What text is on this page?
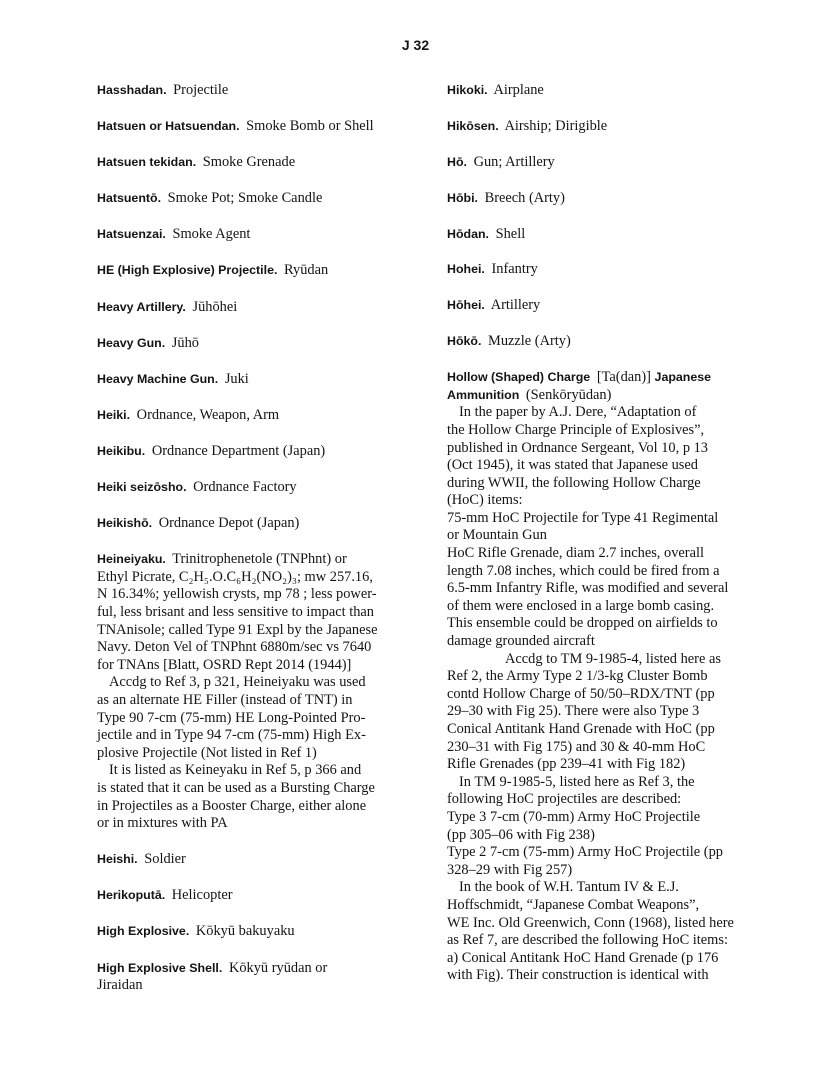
J 32
Hasshadan. Projectile
Hatsuen or Hatsuendan. Smoke Bomb or Shell
Hatsuen tekidan. Smoke Grenade
Hatsuentō. Smoke Pot; Smoke Candle
Hatsuenzai. Smoke Agent
HE (High Explosive) Projectile. Ryūdan
Heavy Artillery. Jūhōhei
Heavy Gun. Jūhō
Heavy Machine Gun. Juki
Heiki. Ordnance, Weapon, Arm
Heikibu. Ordnance Department (Japan)
Heiki seizōsho. Ordnance Factory
Heikishō. Ordnance Depot (Japan)
Heineiyaku. Trinitrophenetole (TNPhnt) or
Ethyl Picrate, C₂H₅.O.C₆H₂(NO₂)₃; mw 257.16,
N 16.34%; yellowish crysts, mp 78 ; less power-
ful, less brisant and less sensitive to impact than
TNAnisole; called Type 91 Expl by the Japanese
Navy. Deton Vel of TNPhnt 6880m/sec vs 7640
for TNAns [Blatt, OSRD Rept 2014 (1944)]
Accdg to Ref 3, p 321, Heineiyaku was used
as an alternate HE Filler (instead of TNT) in
Type 90 7-cm (75-mm) HE Long-Pointed Pro-
jectile and in Type 94 7-cm (75-mm) High Ex-
plosive Projectile (Not listed in Ref 1)
It is listed as Keineyaku in Ref 5, p 366 and
is stated that it can be used as a Bursting Charge
in Projectiles as a Booster Charge, either alone
or in mixtures with PA
Heishi. Soldier
Herikoputā. Helicopter
High Explosive. Kōkyū bakuyaku
High Explosive Shell. Kōkyū ryūdan or
Jiraidan
Hikoki. Airplane
Hikōsen. Airship; Dirigible
Hō. Gun; Artillery
Hōbi. Breech (Arty)
Hōdan. Shell
Hohei. Infantry
Hōhei. Artillery
Hōkō. Muzzle (Arty)
Hollow (Shaped) Charge [Ta(dan)] Japanese
Ammunition (Senkōryūdan)
In the paper by A.J. Dere, “Adaptation of
the Hollow Charge Principle of Explosives”,
published in Ordnance Sergeant, Vol 10, p 13
(Oct 1945), it was stated that Japanese used
during WWII, the following Hollow Charge
(HoC) items:
75-mm HoC Projectile for Type 41 Regimental
or Mountain Gun
HoC Rifle Grenade, diam 2.7 inches, overall
length 7.08 inches, which could be fired from a
6.5-mm Infantry Rifle, was modified and several
of them were enclosed in a large bomb casing.
This ensemble could be dropped on airfields to
damage grounded aircraft
Accdg to TM 9-1985-4, listed here as
Ref 2, the Army Type 2 1/3-kg Cluster Bomb
contd Hollow Charge of 50/50–RDX/TNT (pp
29–30 with Fig 25). There were also Type 3
Conical Antitank Hand Grenade with HoC (pp
230–31 with Fig 175) and 30 & 40-mm HoC
Rifle Grenades (pp 239–41 with Fig 182)
In TM 9-1985-5, listed here as Ref 3, the
following HoC projectiles are described:
Type 3 7-cm (70-mm) Army HoC Projectile
(pp 305–06 with Fig 238)
Type 2 7-cm (75-mm) Army HoC Projectile (pp
328–29 with Fig 257)
In the book of W.H. Tantum IV & E.J.
Hoffschmidt, “Japanese Combat Weapons”,
WE Inc. Old Greenwich, Conn (1968), listed here
as Ref 7, are described the following HoC items:
a) Conical Antitank HoC Hand Grenade (p 176
with Fig). Their construction is identical with
